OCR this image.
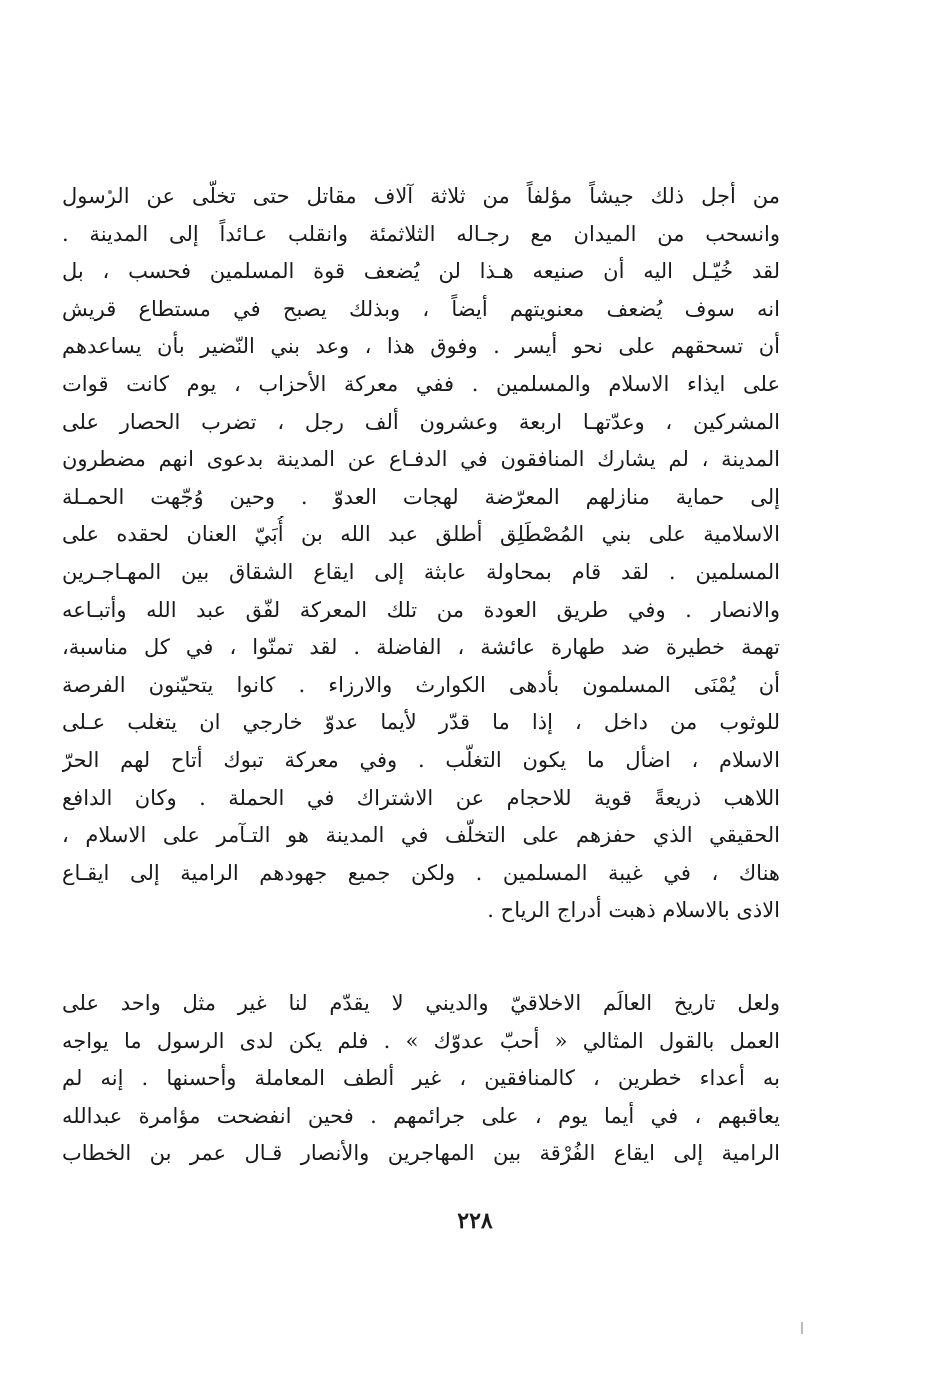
من أجل ذلك جيشاً مؤلفاً من ثلاثة آلاف مقاتل حتى تخلّى عن الرسول
وانسحب من الميدان مع رجـاله الثلاثمئة وانقلب عـائداً إلى المدينة .
لقد خُيّـل اليه أن صنيعه هـذا لن يُضعف قوة المسلمين فحسب ، بل
انه سوف يُضعف معنويتهم أيضاً ، وبذلك يصبح في مستطاع قريش
أن تسحقهم على نحو أيسر . وفوق هذا ، وعد بني النّضير بأن يساعدهم
على ايذاء الاسلام والمسلمين . ففي معركة الأحزاب ، يوم كانت قوات
المشركين ، وعدّتهـا اربعة وعشرون ألف رجل ، تضرب الحصار على
المدينة ، لم يشارك المنافقون في الدفـاع عن المدينة بدعوى انهم مضطرون
إلى حماية منازلهم المعرّضة لهجات العدوّ . وحين وُجّهت الحمـلة
الاسلامية على بني المُصْطَلِق أطلق عبد الله بن أُبَيّ العنان لحقده على
المسلمين . لقد قام بمحاولة عابثة إلى ايقاع الشقاق بين المهـاجـرين
والانصار . وفي طريق العودة من تلك المعركة لفّق عبد الله وأتبـاعه
تهمة خطيرة ضد طهارة عائشة ، الفاضلة . لقد تمنّوا ، في كل مناسبة،
أن يُمْنَى المسلمون بأدهى الكوارث والارزاء . كانوا يتحيّنون الفرصة
للوثوب من داخل ، إذا ما قدّر لأيما عدوّ خارجي ان يتغلب عـلى
الاسلام ، اضأل ما يكون التغلّب . وفي معركة تبوك أتاح لهم الحرّ
اللاهب ذريعةً قوية للاحجام عن الاشتراك في الحملة . وكان الدافع
الحقيقي الذي حفزهم على التخلّف في المدينة هو التـآمر على الاسلام ،
هناك ، في غيبة المسلمين . ولكن جميع جهودهم الرامية إلى ايقـاع
الاذى بالاسلام ذهبت أدراج الرياح .
ولعل تاريخ العالَم الاخلاقيّ والديني لا يقدّم لنا غير مثل واحد على
العمل بالقول المثالي « أحبّ عدوّك » . فلم يكن لدى الرسول ما يواجه
به أعداء خطرين ، كالمنافقين ، غير ألطف المعاملة وأحسنها . إنه لم
يعاقبهم ، في أيما يوم ، على جرائمهم . فحين انفضحت مؤامرة عبدالله
الرامية إلى ايقاع الفُرْقة بين المهاجرين والأنصار قـال عمر بن الخطاب
٢٢٨
